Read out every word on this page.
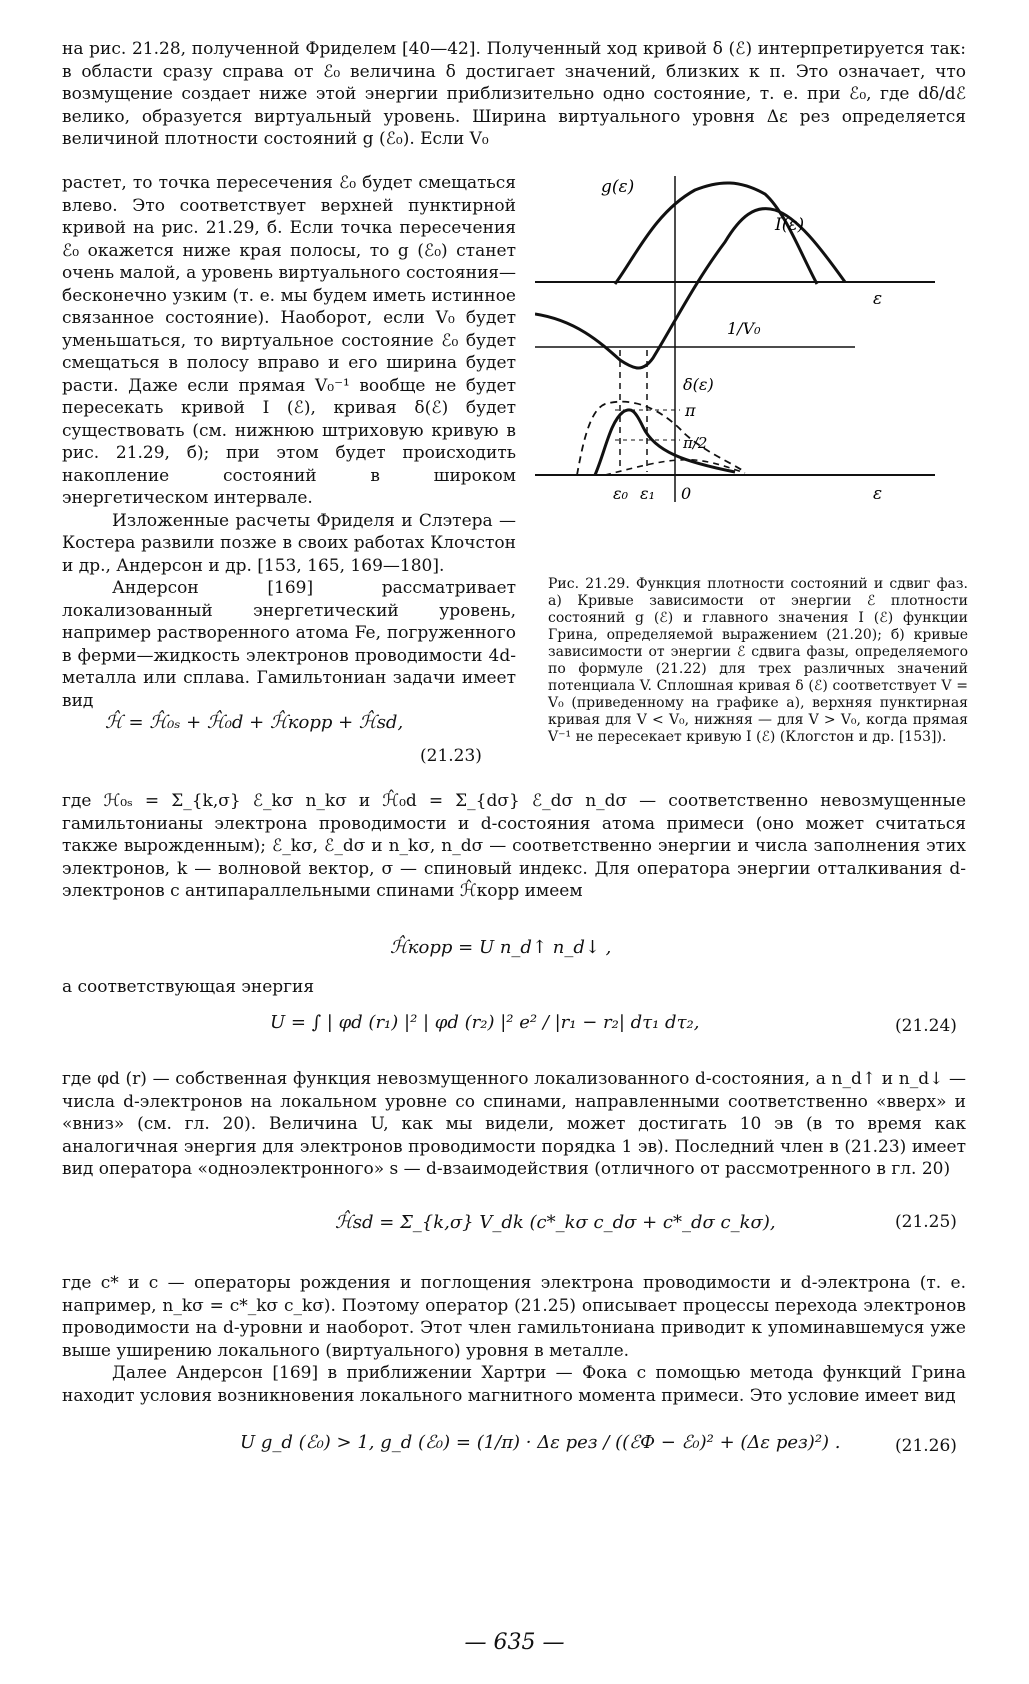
на рис. 21.28, полученной Фриделем [40—42]. Полученный ход кривой δ (ℰ) интерпретируется так: в области сразу справа от ℰ₀ величина δ достигает значений, близких к π. Это означает, что возмущение создает ниже этой энергии приблизительно одно состояние, т. е. при ℰ₀, где dδ/dℰ велико, образуется виртуальный уровень. Ширина виртуального уровня Δε рез определяется величиной плотности состояний g (ℰ₀). Если V₀

растет, то точка пересечения ℰ₀ будет смещаться влево. Это соответствует верхней пунктирной кривой на рис. 21.29, б. Если точка пересечения ℰ₀ окажется ниже края полосы, то g (ℰ₀) станет очень малой, а уровень виртуального состояния—бесконечно узким (т. е. мы будем иметь истинное связанное состояние). Наоборот, если V₀ будет уменьшаться, то виртуальное состояние ℰ₀ будет смещаться в полосу вправо и его ширина будет расти. Даже если прямая V₀⁻¹ вообще не будет пересекать кривой I (ℰ), кривая δ(ℰ) будет существовать (см. нижнюю штриховую кривую в рис. 21.29, б); при этом будет происходить накопление состояний в широком энергетическом интервале.

Изложенные расчеты Фриделя и Слэтера — Костера развили позже в своих работах Клочстон и др., Андерсон и др. [153, 165, 169—180].

Андерсон [169] рассматривает локализованный энергетический уровень, например растворенного атома Fe, погруженного в ферми—жидкость электронов проводимости 4d-металла или сплава. Гамильтониан задачи имеет вид

g(ε)
I(ε)
ε
1/V₀
δ(ε)
π
π/2
ε₀ ε₁ 0	ε

Рис. 21.29. Функция плотности состояний и сдвиг фаз. а) Кривые зависимости от энергии ℰ плотности состояний g (ℰ) и главного значения I (ℰ) функции Грина, определяемой выражением (21.20); б) кривые зависимости от энергии ℰ сдвига фазы, определяемого по формуле (21.22) для трех различных значений потенциала V. Сплошная кривая δ (ℰ) соответствует V = V₀ (приведенному на графике а), верхняя пунктирная кривая для V < V₀, нижняя — для V > V₀, когда прямая V⁻¹ не пересекает кривую I (ℰ) (Клогстон и др. [153]).

ℋ̂ = ℋ̂₀ₛ + ℋ̂₀d + ℋ̂корр + ℋ̂sd,
(21.23)

где ℋ₀ₛ = Σ_{k,σ} ℰ_kσ n_kσ и ℋ̂₀d = Σ_{dσ} ℰ_dσ n_dσ — соответственно невозмущенные гамильтонианы электрона проводимости и d-состояния атома примеси (оно может считаться также вырожденным); ℰ_kσ, ℰ_dσ и n_kσ, n_dσ — соответственно энергии и числа заполнения этих электронов, k — волновой вектор, σ — спиновый индекс. Для оператора энергии отталкивания d-электронов с антипараллельными спинами ℋ̂корр имеем

ℋ̂корр = U n_d↑ n_d↓ ,

а соответствующая энергия

U = ∫ | φd (r₁) |² | φd (r₂) |² e² / |r₁ − r₂| dτ₁ dτ₂,	(21.24)

где φd (r) — собственная функция невозмущенного локализованного d-состояния, а n_d↑ и n_d↓ — числа d-электронов на локальном уровне со спинами, направленными соответственно «вверх» и «вниз» (см. гл. 20). Величина U, как мы видели, может достигать 10 эв (в то время как аналогичная энергия для электронов проводимости порядка 1 эв). Последний член в (21.23) имеет вид оператора «одноэлектронного» s — d-взаимодействия (отличного от рассмотренного в гл. 20)

ℋ̂sd = Σ_{k,σ} V_dk (c*_kσ c_dσ + c*_dσ c_kσ),	(21.25)

где c* и c — операторы рождения и поглощения электрона проводимости и d-электрона (т. е. например, n_kσ = c*_kσ c_kσ). Поэтому оператор (21.25) описывает процессы перехода электронов проводимости на d-уровни и наоборот. Этот член гамильтониана приводит к упоминавшемуся уже выше уширению локального (виртуального) уровня в металле.

Далее Андерсон [169] в приближении Хартри — Фока с помощью метода функций Грина находит условия возникновения локального магнитного момента примеси. Это условие имеет вид

U g_d (ℰ₀) > 1, g_d (ℰ₀) = (1/π) · Δε рез / ((ℰФ − ℰ₀)² + (Δε рез)²) .	(21.26)
— 635 —
